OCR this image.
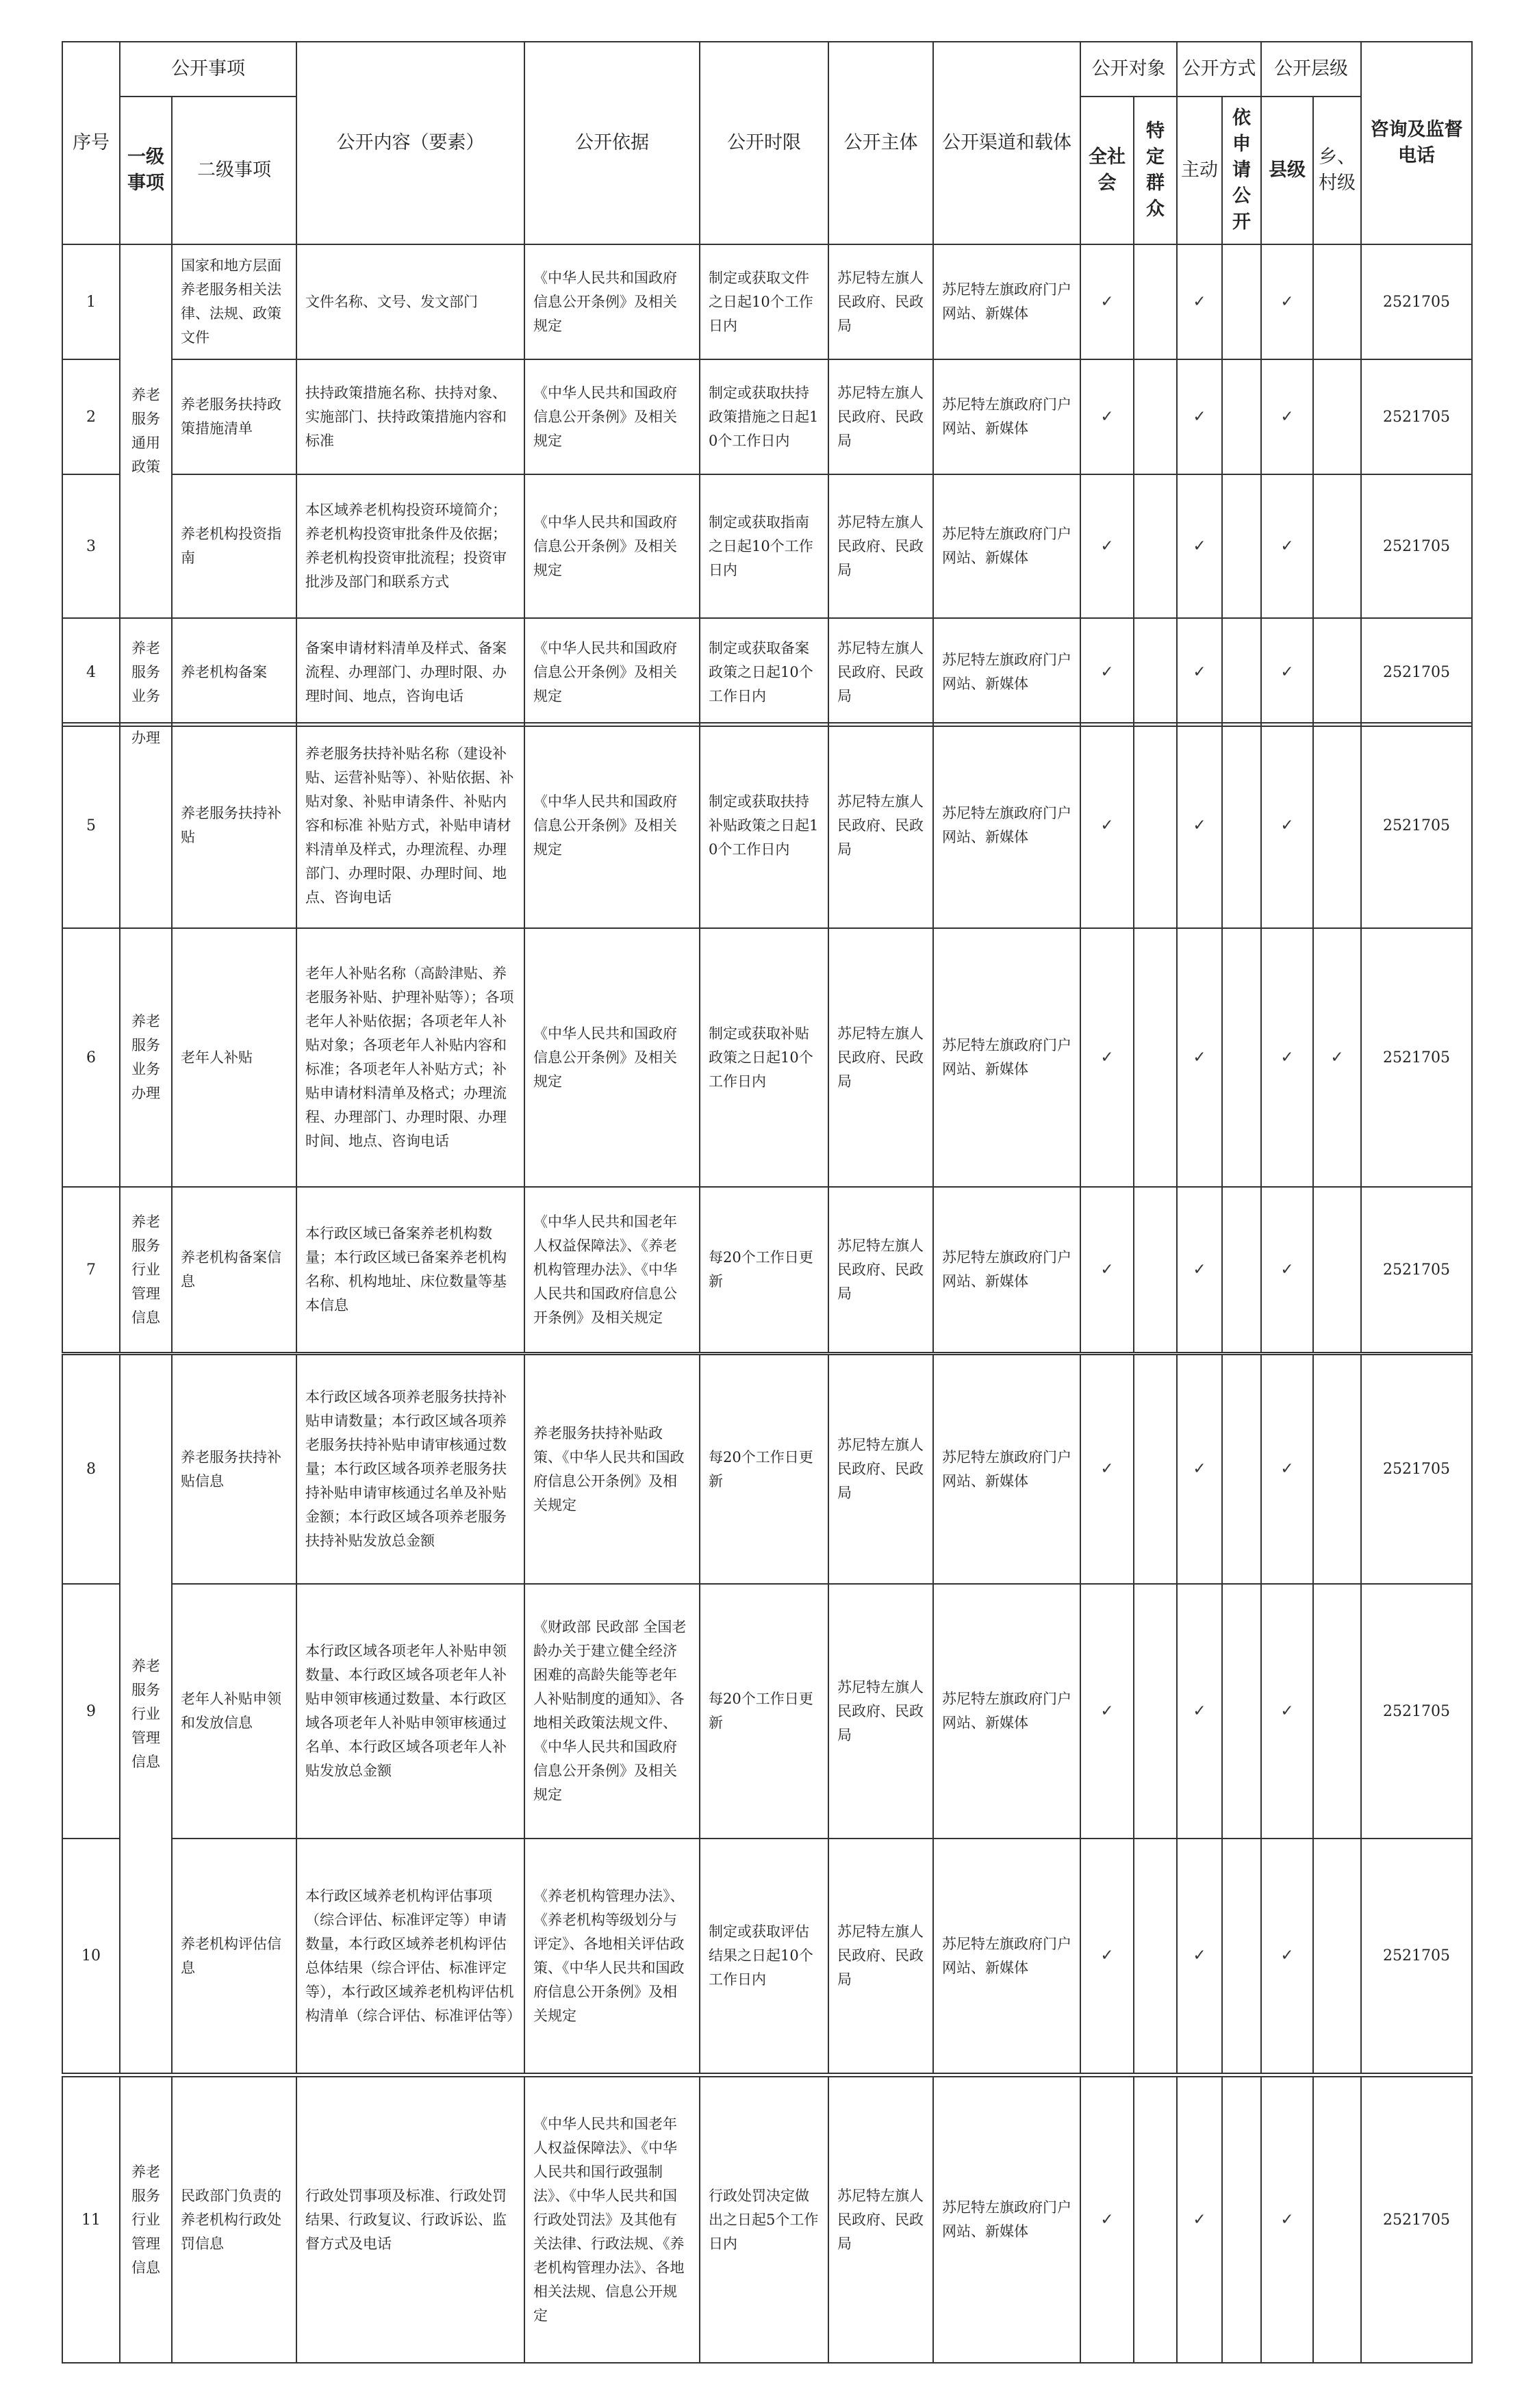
序号	公开事项		公开内容（要素）	公开依据	公开时限	公开主体	公开渠道和载体	公开对象		公开方式		公开层级		咨询及监督电话
	一级事项	二级事项						全社会	特定群众	主动	依申请公开	县级	乡、村级	

1	养老服务通用政策	国家和地方层面养老服务相关法律、法规、政策文件	文件名称、文号、发文部门	《中华人民共和国政府信息公开条例》及相关规定	制定或获取文件之日起10个工作日内	苏尼特左旗人民政府、民政局	苏尼特左旗政府门户网站、新媒体	✓		✓		✓		2521705
2		养老服务扶持政策措施清单	扶持政策措施名称、扶持对象、实施部门、扶持政策措施内容和标准	《中华人民共和国政府信息公开条例》及相关规定	制定或获取扶持政策措施之日起10个工作日内	苏尼特左旗人民政府、民政局	苏尼特左旗政府门户网站、新媒体	✓		✓		✓		2521705
3		养老机构投资指南	本区域养老机构投资环境简介；养老机构投资审批条件及依据；养老机构投资审批流程；投资审批涉及部门和联系方式	《中华人民共和国政府信息公开条例》及相关规定	制定或获取指南之日起10个工作日内	苏尼特左旗人民政府、民政局	苏尼特左旗政府门户网站、新媒体	✓		✓		✓		2521705
4	养老服务业务	养老机构备案	备案申请材料清单及样式、备案流程、办理部门、办理时限、办理时间、地点，咨询电话	《中华人民共和国政府信息公开条例》及相关规定	制定或获取备案政策之日起10个工作日内	苏尼特左旗人民政府、民政局	苏尼特左旗政府门户网站、新媒体	✓		✓		✓		2521705
5	办理	养老服务扶持补贴	养老服务扶持补贴名称（建设补贴、运营补贴等）、补贴依据、补贴对象、补贴申请条件、补贴内容和标准 补贴方式，补贴申请材料清单及样式，办理流程、办理部门、办理时限、办理时间、地点、咨询电话	《中华人民共和国政府信息公开条例》及相关规定	制定或获取扶持补贴政策之日起10个工作日内	苏尼特左旗人民政府、民政局	苏尼特左旗政府门户网站、新媒体	✓		✓		✓		2521705
6	养老服务业务办理	老年人补贴	老年人补贴名称（高龄津贴、养老服务补贴、护理补贴等）；各项老年人补贴依据；各项老年人补贴对象；各项老年人补贴内容和标准；各项老年人补贴方式；补贴申请材料清单及格式；办理流程、办理部门、办理时限、办理时间、地点、咨询电话	《中华人民共和国政府信息公开条例》及相关规定	制定或获取补贴政策之日起10个工作日内	苏尼特左旗人民政府、民政局	苏尼特左旗政府门户网站、新媒体	✓		✓		✓	✓	2521705
7	养老服务行业管理信息	养老机构备案信息	本行政区域已备案养老机构数量；本行政区域已备案养老机构名称、机构地址、床位数量等基本信息	《中华人民共和国老年人权益保障法》、《养老机构管理办法》、《中华人民共和国政府信息公开条例》及相关规定	每20个工作日更新	苏尼特左旗人民政府、民政局	苏尼特左旗政府门户网站、新媒体	✓		✓		✓		2521705
8	养老服务行业管理信息	养老服务扶持补贴信息	本行政区域各项养老服务扶持补贴申请数量；本行政区域各项养老服务扶持补贴申请审核通过数量；本行政区域各项养老服务扶持补贴申请审核通过名单及补贴金额；本行政区域各项养老服务扶持补贴发放总金额	养老服务扶持补贴政策、《中华人民共和国政府信息公开条例》及相关规定	每20个工作日更新	苏尼特左旗人民政府、民政局	苏尼特左旗政府门户网站、新媒体	✓		✓		✓		2521705
9		老年人补贴申领和发放信息	本行政区域各项老年人补贴申领数量、本行政区域各项老年人补贴申领审核通过数量、本行政区域各项老年人补贴申领审核通过名单、本行政区域各项老年人补贴发放总金额	《财政部 民政部 全国老龄办关于建立健全经济困难的高龄失能等老年人补贴制度的通知》、各地相关政策法规文件、《中华人民共和国政府信息公开条例》及相关规定	每20个工作日更新	苏尼特左旗人民政府、民政局	苏尼特左旗政府门户网站、新媒体	✓		✓		✓		2521705
10		养老机构评估信息	本行政区域养老机构评估事项（综合评估、标准评定等）申请数量，本行政区域养老机构评估总体结果（综合评估、标准评定等），本行政区域养老机构评估机构清单（综合评估、标准评估等）	《养老机构管理办法》、《养老机构等级划分与评定》、各地相关评估政策、《中华人民共和国政府信息公开条例》及相关规定	制定或获取评估结果之日起10个工作日内	苏尼特左旗人民政府、民政局	苏尼特左旗政府门户网站、新媒体	✓		✓		✓		2521705
11	养老服务行业管理信息	民政部门负责的养老机构行政处罚信息	行政处罚事项及标准、行政处罚结果、行政复议、行政诉讼、监督方式及电话	《中华人民共和国老年人权益保障法》、《中华人民共和国行政强制法》、《中华人民共和国行政处罚法》及其他有关法律、行政法规、《养老机构管理办法》、各地相关法规、信息公开规定	行政处罚决定做出之日起5个工作日内	苏尼特左旗人民政府、民政局	苏尼特左旗政府门户网站、新媒体	✓		✓		✓		2521705
